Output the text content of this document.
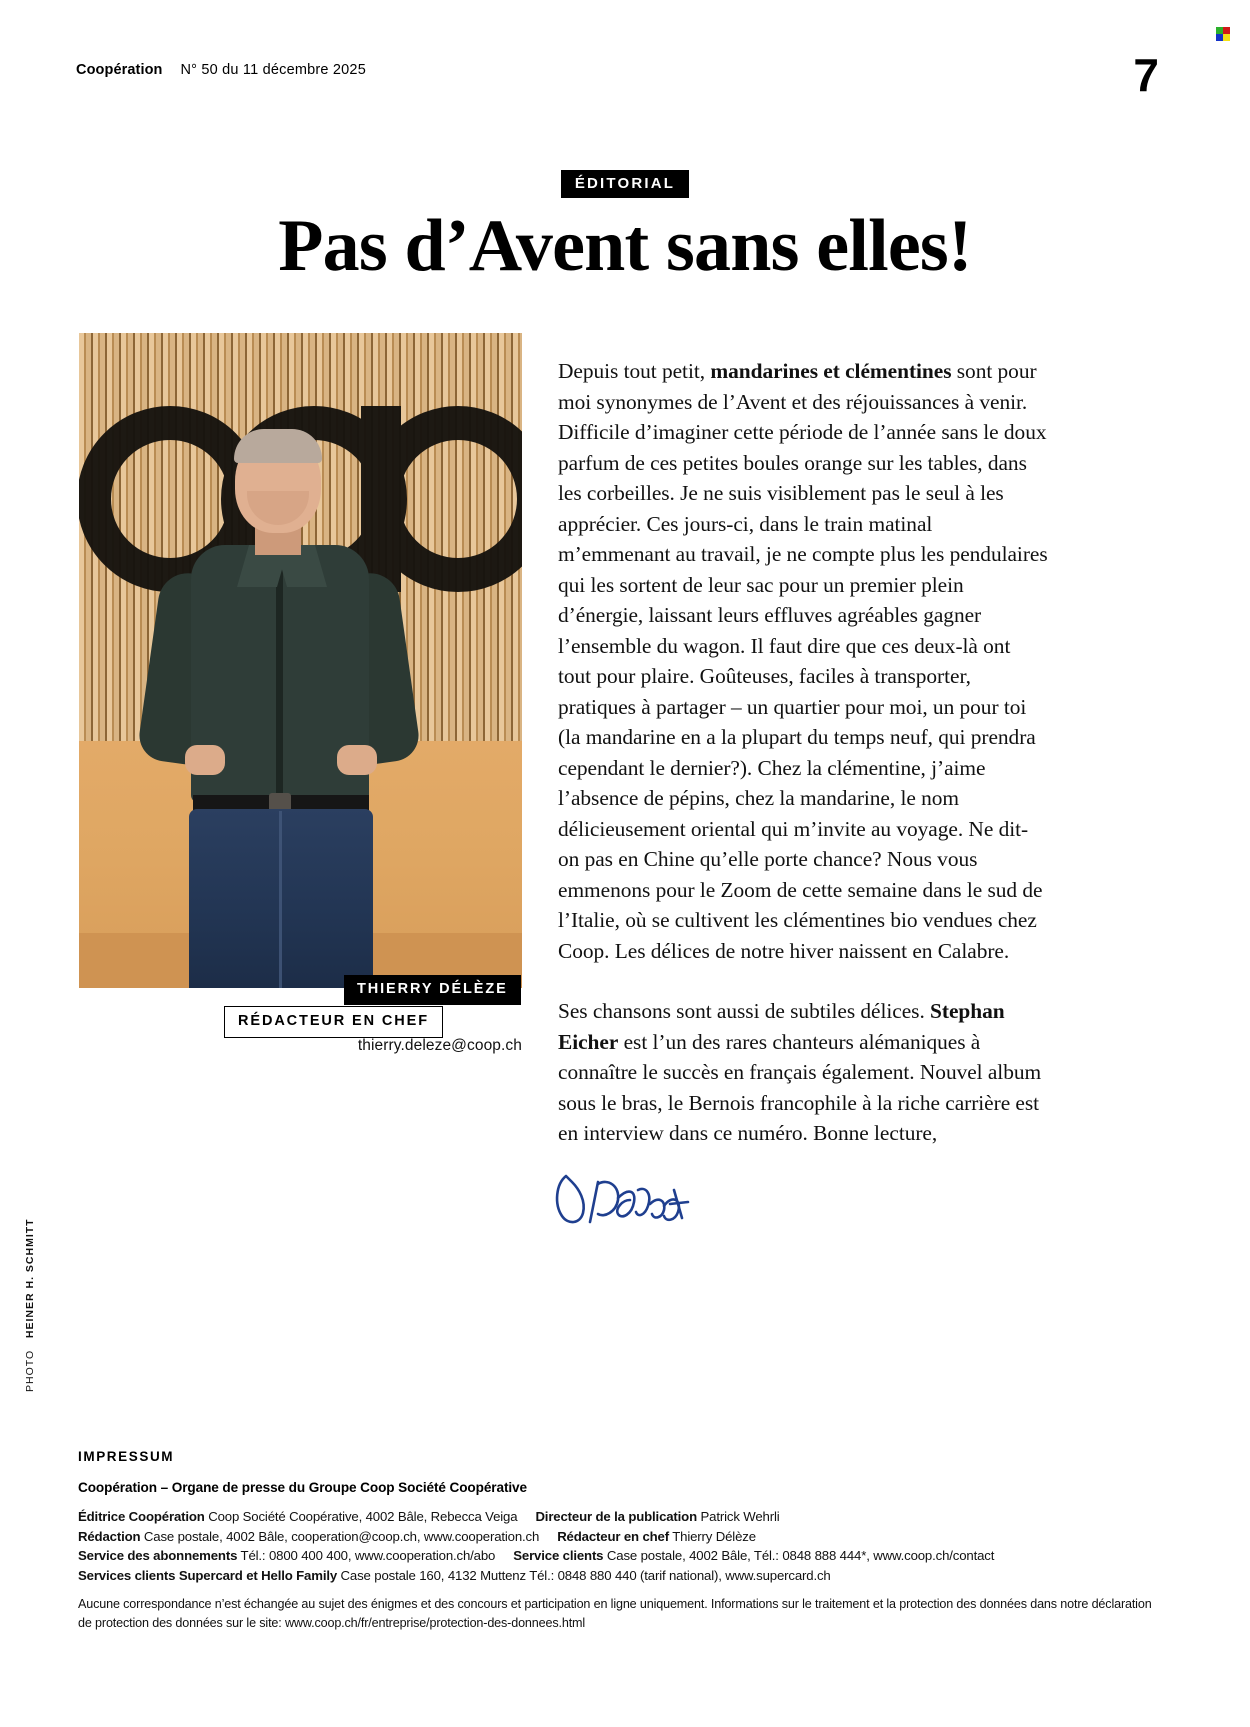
Coopération N° 50 du 11 décembre 2025	7
ÉDITORIAL
Pas d’Avent sans elles!
THIERRY DÉLÈZE
RÉDACTEUR EN CHEF
thierry.deleze@coop.ch

Depuis tout petit, mandarines et clémentines sont pour moi synonymes de l’Avent et des réjouissances à venir. Difficile d’imaginer cette période de l’année sans le doux parfum de ces petites boules orange sur les tables, dans les corbeilles. Je ne suis visiblement pas le seul à les apprécier. Ces jours-ci, dans le train matinal m’emmenant au travail, je ne compte plus les pendulaires qui les sortent de leur sac pour un premier plein d’énergie, laissant leurs effluves agréables gagner l’ensemble du wagon. Il faut dire que ces deux-là ont tout pour plaire. Goûteuses, faciles à transporter, pratiques à partager – un quartier pour moi, un pour toi (la mandarine en a la plupart du temps neuf, qui prendra cependant le dernier?). Chez la clémentine, j’aime l’absence de pépins, chez la mandarine, le nom délicieusement oriental qui m’invite au voyage. Ne dit-on pas en Chine qu’elle porte chance? Nous vous emmenons pour le Zoom de cette semaine dans le sud de l’Italie, où se cultivent les clémentines bio vendues chez Coop. Les délices de notre hiver naissent en Calabre.

Ses chansons sont aussi de subtiles délices. Stephan Eicher est l’un des rares chanteurs alémaniques à connaître le succès en français également. Nouvel album sous le bras, le Bernois francophile à la riche carrière est en interview dans ce numéro. Bonne lecture,

PHOTO   HEINER H. SCHMITT
IMPRESSUM
Coopération – Organe de presse du Groupe Coop Société Coopérative
Éditrice Coopération Coop Société Coopérative, 4002 Bâle, Rebecca Veiga Directeur de la publication Patrick Wehrli
Rédaction Case postale, 4002 Bâle, cooperation@coop.ch, www.cooperation.ch Rédacteur en chef Thierry Délèze
Service des abonnements Tél.: 0800 400 400, www.cooperation.ch/abo Service clients Case postale, 4002 Bâle, Tél.: 0848 888 444*, www.coop.ch/contact
Services clients Supercard et Hello Family Case postale 160, 4132 Muttenz Tél.: 0848 880 440 (tarif national), www.supercard.ch
Aucune correspondance n’est échangée au sujet des énigmes et des concours et participation en ligne uniquement. Informations sur le traitement et la protection des données dans notre déclaration de protection des données sur le site: www.coop.ch/fr/entreprise/protection-des-donnees.html
